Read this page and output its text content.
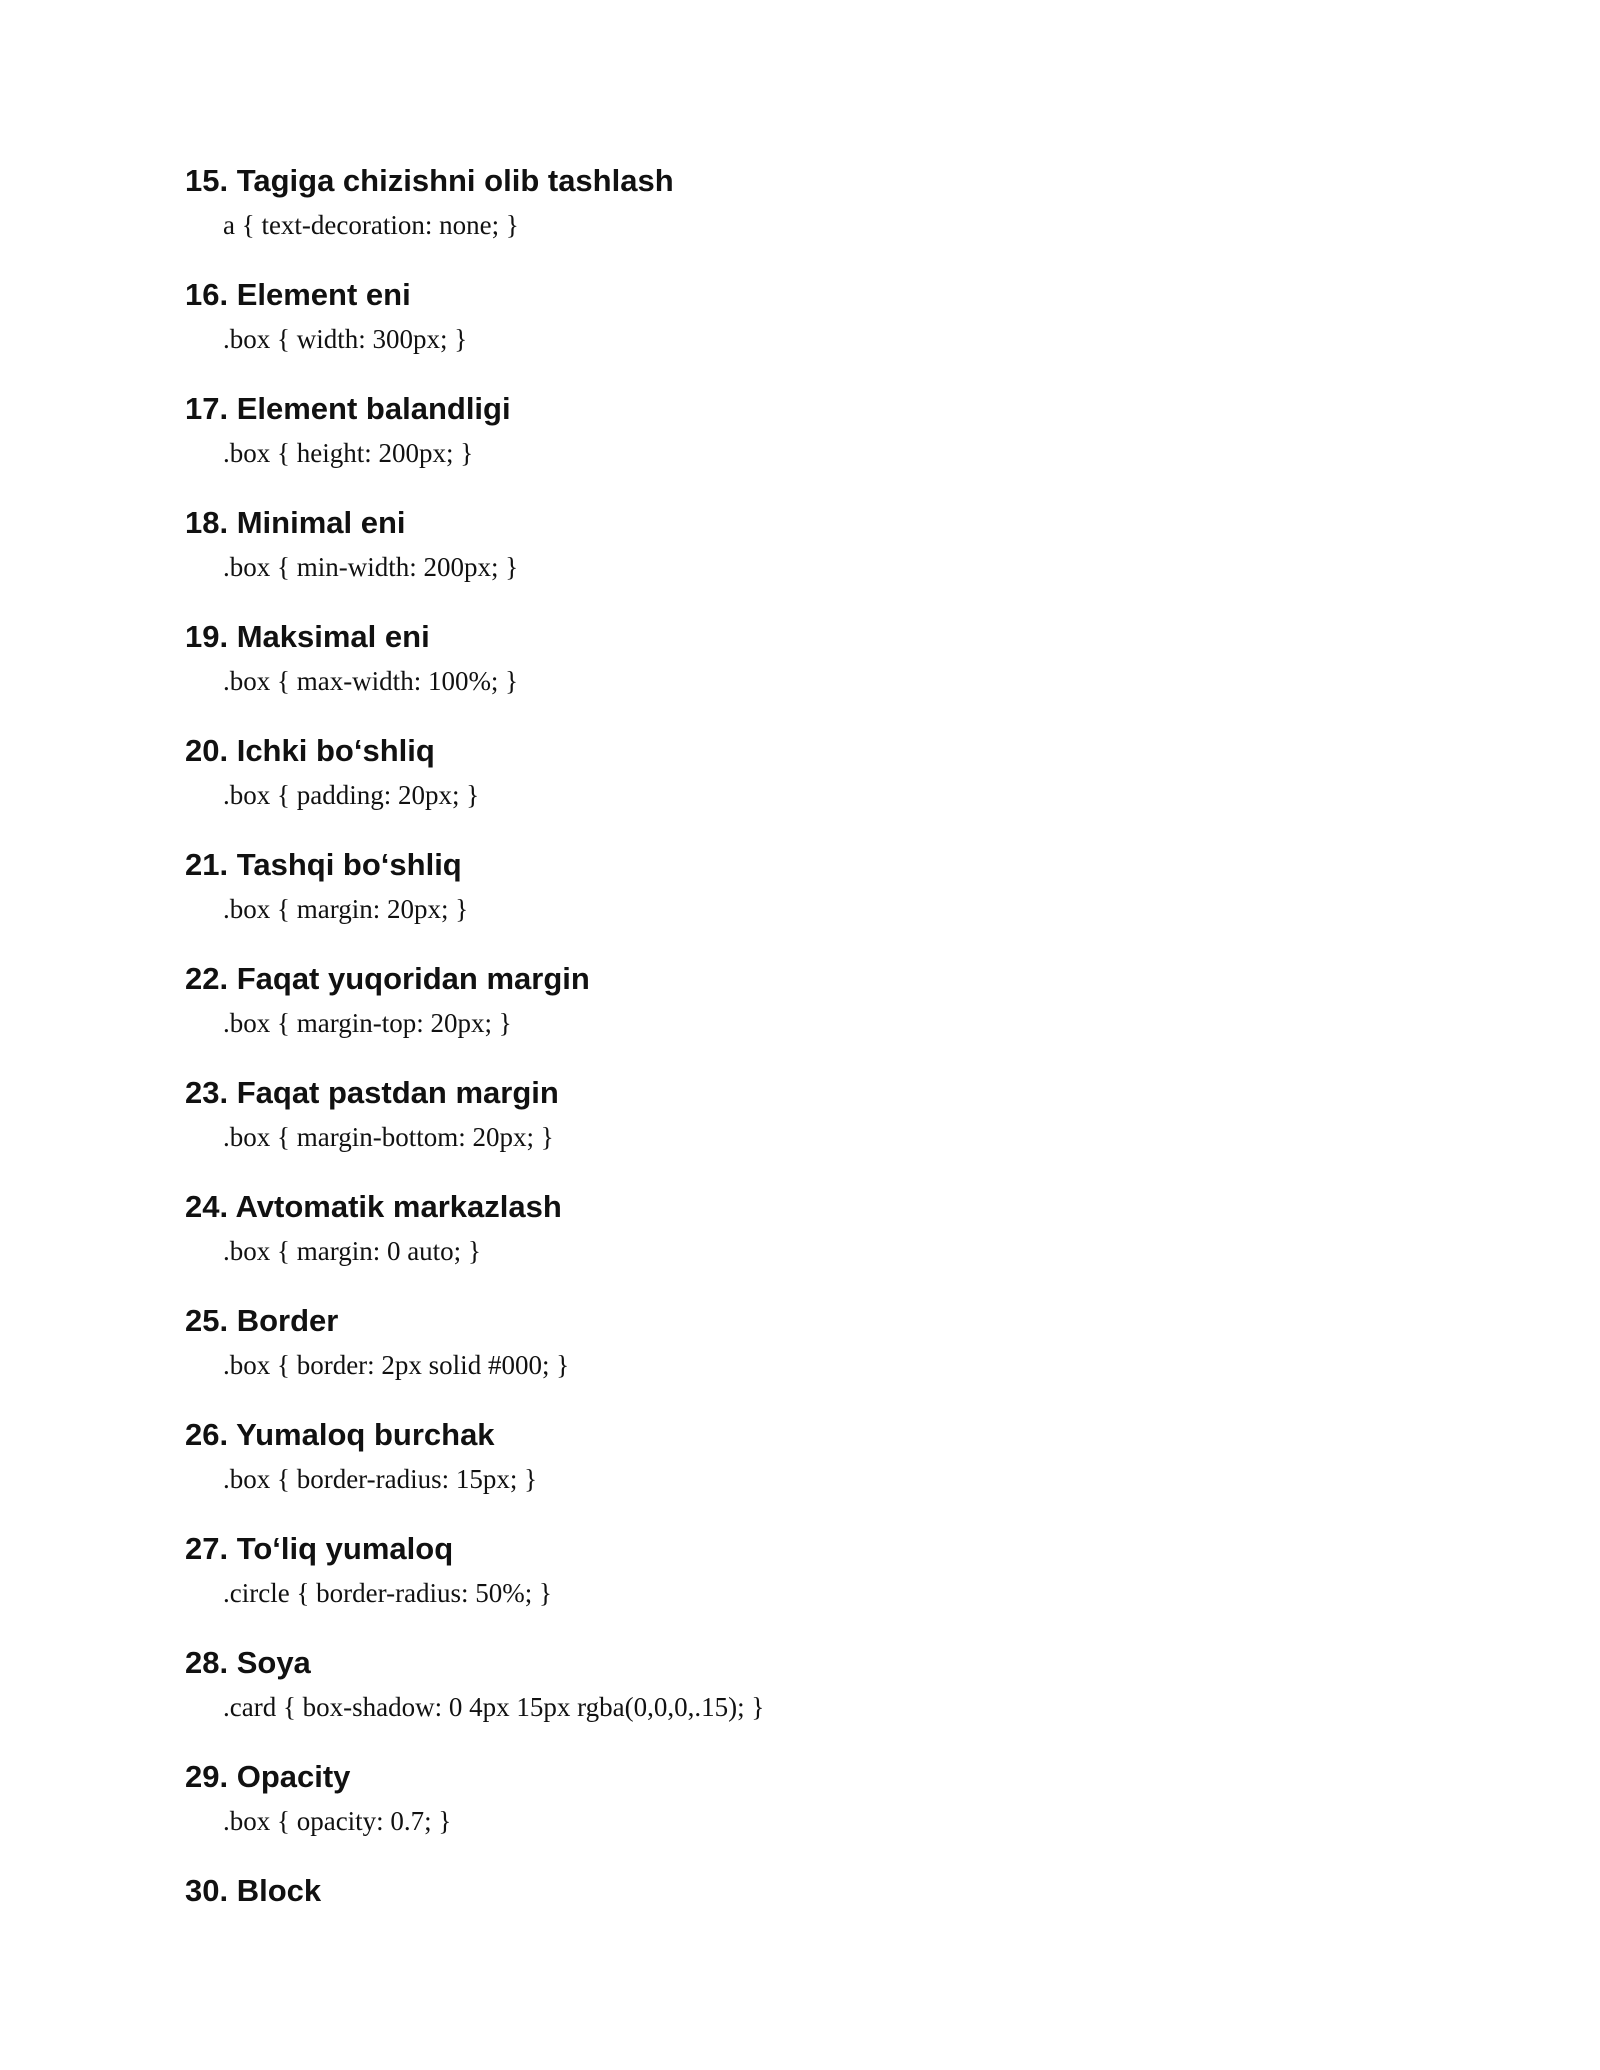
15. Tagiga chizishni olib tashlash

a { text-decoration: none; }

16. Element eni

.box { width: 300px; }

17. Element balandligi

.box { height: 200px; }

18. Minimal eni

.box { min-width: 200px; }

19. Maksimal eni

.box { max-width: 100%; }

20. Ichki bo‘shliq

.box { padding: 20px; }

21. Tashqi bo‘shliq

.box { margin: 20px; }

22. Faqat yuqoridan margin

.box { margin-top: 20px; }

23. Faqat pastdan margin

.box { margin-bottom: 20px; }

24. Avtomatik markazlash

.box { margin: 0 auto; }

25. Border

.box { border: 2px solid #000; }

26. Yumaloq burchak

.box { border-radius: 15px; }

27. To‘liq yumaloq

.circle { border-radius: 50%; }

28. Soya

.card { box-shadow: 0 4px 15px rgba(0,0,0,.15); }

29. Opacity

.box { opacity: 0.7; }

30. Block
